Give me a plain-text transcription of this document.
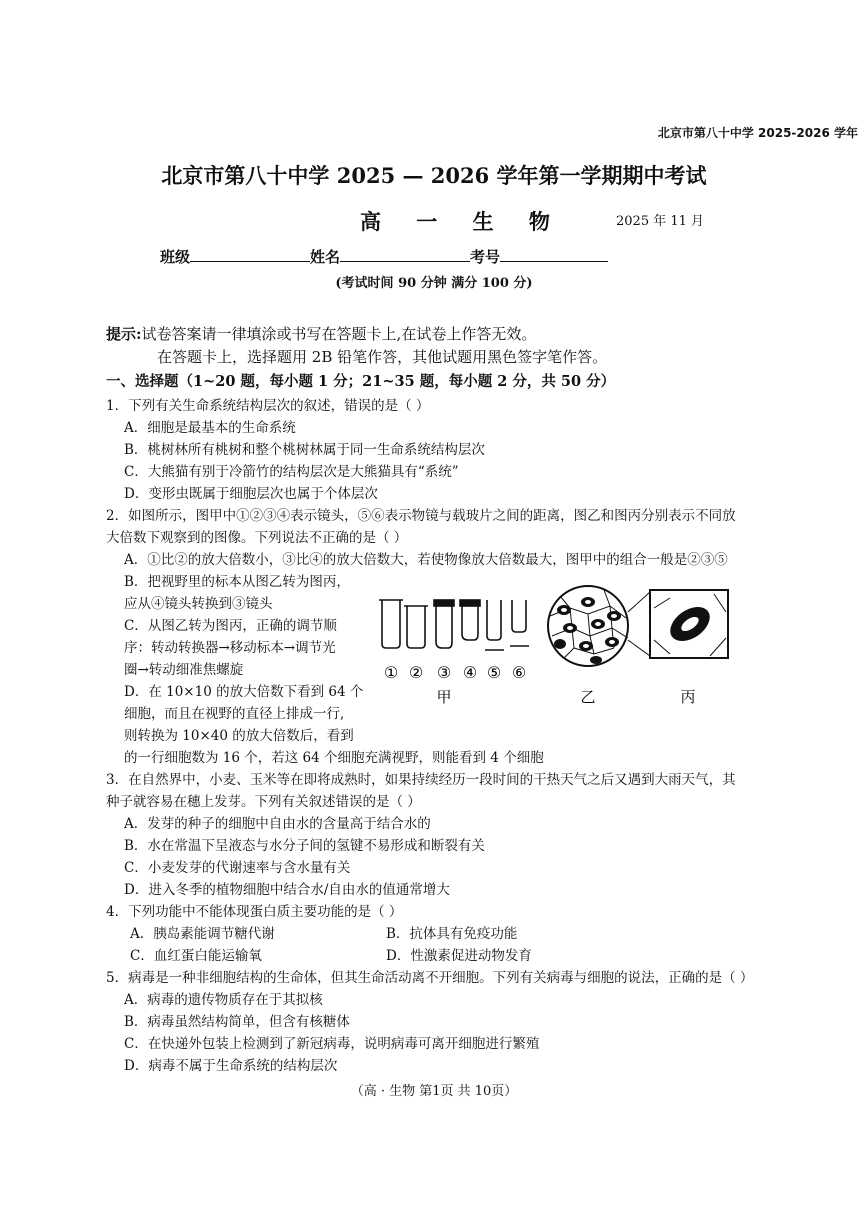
北京市第八十中学 2025-2026 学年
北京市第八十中学 2025 — 2026 学年第一学期期中考试
高 一 生 物	2025 年 11 月
班级	姓名	考号
(考试时间 90 分钟 满分 100 分)
提示:试卷答案请一律填涂或书写在答题卡上,在试卷上作答无效。
在答题卡上，选择题用 2B 铅笔作答，其他试题用黑色签字笔作答。
一、选择题（1~20 题，每小题 1 分；21~35 题，每小题 2 分，共 50 分）
1．下列有关生命系统结构层次的叙述，错误的是（ ）
A．细胞是最基本的生命系统
B．桃树林所有桃树和整个桃树林属于同一生命系统结构层次
C．大熊猫有别于冷箭竹的结构层次是大熊猫具有“系统”
D．变形虫既属于细胞层次也属于个体层次
2．如图所示，图甲中①②③④表示镜头，⑤⑥表示物镜与载玻片之间的距离，图乙和图丙分别表示不同放
大倍数下观察到的图像。下列说法不正确的是（ ）
A．①比②的放大倍数小，③比④的放大倍数大，若使物像放大倍数最大，图甲中的组合一般是②③⑤
B．把视野里的标本从图乙转为图丙，
应从④镜头转换到③镜头
C．从图乙转为图丙，正确的调节顺
序：转动转换器→移动标本→调节光
圈→转动细准焦螺旋
D．在 10×10 的放大倍数下看到 64 个
细胞，而且在视野的直径上排成一行,
则转换为 10×40 的放大倍数后，看到
的一行细胞数为 16 个，若这 64 个细胞充满视野，则能看到 4 个细胞
① ② ③ ④ ⑤ ⑥
甲	乙	丙
3．在自然界中，小麦、玉米等在即将成熟时，如果持续经历一段时间的干热天气之后又遇到大雨天气，其
种子就容易在穗上发芽。下列有关叙述错误的是（ ）
A．发芽的种子的细胞中自由水的含量高于结合水的
B．水在常温下呈液态与水分子间的氢键不易形成和断裂有关
C．小麦发芽的代谢速率与含水量有关
D．进入冬季的植物细胞中结合水/自由水的值通常增大
4．下列功能中不能体现蛋白质主要功能的是（ ）
A．胰岛素能调节糖代谢	B．抗体具有免疫功能
C．血红蛋白能运输氧	D．性激素促进动物发育
5．病毒是一种非细胞结构的生命体，但其生命活动离不开细胞。下列有关病毒与细胞的说法，正确的是（ ）
A．病毒的遗传物质存在于其拟核
B．病毒虽然结构简单，但含有核糖体
C．在快递外包装上检测到了新冠病毒，说明病毒可离开细胞进行繁殖
D．病毒不属于生命系统的结构层次
（高 · 生物 第1页 共 10页）
